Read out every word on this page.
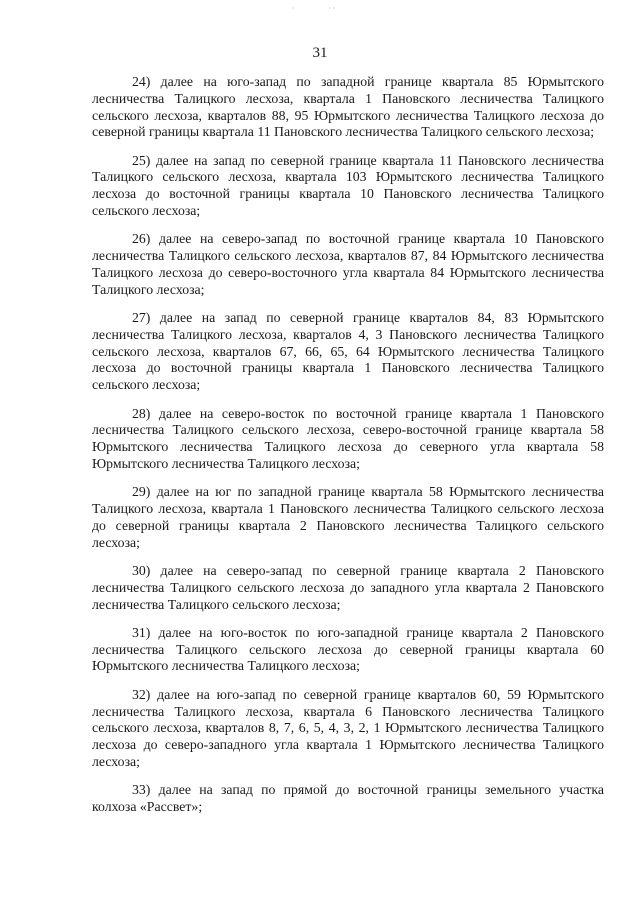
·	· ·
31

24) далее на юго-запад по западной границе квартала 85 Юрмытского лесничества Талицкого лесхоза, квартала 1 Пановского лесничества Талицкого сельского лесхоза, кварталов 88, 95 Юрмытского лесничества Талицкого лесхоза до северной границы квартала 11 Пановского лесничества Талицкого сельского лесхоза;

25) далее на запад по северной границе квартала 11 Пановского лесничества Талицкого сельского лесхоза, квартала 103 Юрмытского лесничества Талицкого лесхоза до восточной границы квартала 10 Пановского лесничества Талицкого сельского лесхоза;

26) далее на северо-запад по восточной границе квартала 10 Пановского лесничества Талицкого сельского лесхоза, кварталов 87, 84 Юрмытского лесничества Талицкого лесхоза до северо-восточного угла квартала 84 Юрмытского лесничества Талицкого лесхоза;

27) далее на запад по северной границе кварталов 84, 83 Юрмытского лесничества Талицкого лесхоза, кварталов 4, 3 Пановского лесничества Талицкого сельского лесхоза, кварталов 67, 66, 65, 64 Юрмытского лесничества Талицкого лесхоза до восточной границы квартала 1 Пановского лесничества Талицкого сельского лесхоза;

28) далее на северо-восток по восточной границе квартала 1 Пановского лесничества Талицкого сельского лесхоза, северо-восточной границе квартала 58 Юрмытского лесничества Талицкого лесхоза до северного угла квартала 58 Юрмытского лесничества Талицкого лесхоза;

29) далее на юг по западной границе квартала 58 Юрмытского лесничества Талицкого лесхоза, квартала 1 Пановского лесничества Талицкого сельского лесхоза до северной границы квартала 2 Пановского лесничества Талицкого сельского лесхоза;

30) далее на северо-запад по северной границе квартала 2 Пановского лесничества Талицкого сельского лесхоза до западного угла квартала 2 Пановского лесничества Талицкого сельского лесхоза;

31) далее на юго-восток по юго-западной границе квартала 2 Пановского лесничества Талицкого сельского лесхоза до северной границы квартала 60 Юрмытского лесничества Талицкого лесхоза;

32) далее на юго-запад по северной границе кварталов 60, 59 Юрмытского лесничества Талицкого лесхоза, квартала 6 Пановского лесничества Талицкого сельского лесхоза, кварталов 8, 7, 6, 5, 4, 3, 2, 1 Юрмытского лесничества Талицкого лесхоза до северо-западного угла квартала 1 Юрмытского лесничества Талицкого лесхоза;

33) далее на запад по прямой до восточной границы земельного участка колхоза «Рассвет»;
